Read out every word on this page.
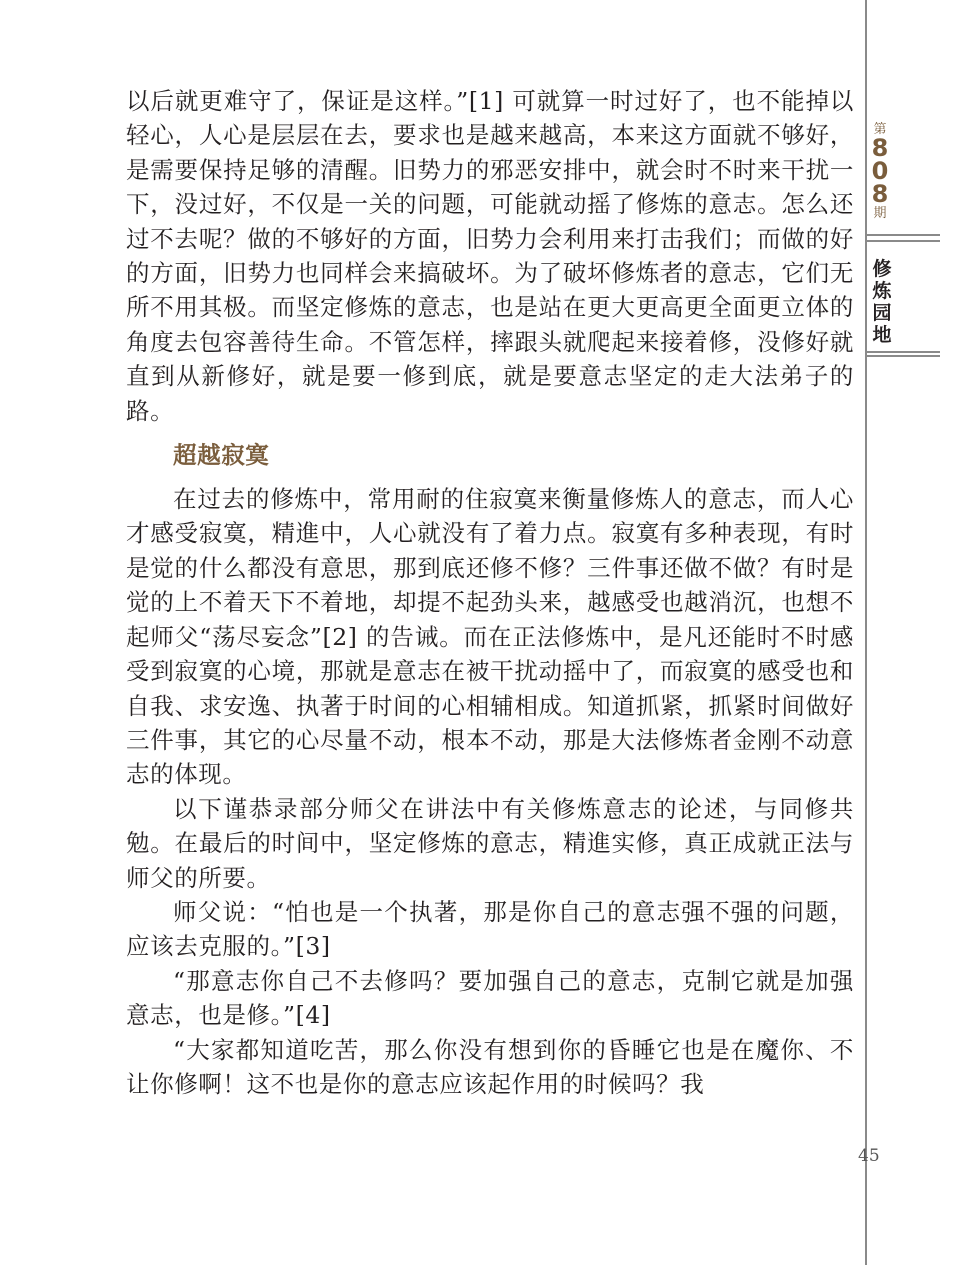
第
8
0
8
期
修
炼
园
地

以后就更难守了，保证是这样。”[1] 可就算一时过好了，也不能掉以轻心，人心是层层在去，要求也是越来越高，本来这方面就不够好，是需要保持足够的清醒。旧势力的邪恶安排中，就会时不时来干扰一下，没过好，不仅是一关的问题，可能就动摇了修炼的意志。怎么还过不去呢？做的不够好的方面，旧势力会利用来打击我们；而做的好的方面，旧势力也同样会来搞破坏。为了破坏修炼者的意志，它们无所不用其极。而坚定修炼的意志，也是站在更大更高更全面更立体的角度去包容善待生命。不管怎样，摔跟头就爬起来接着修，没修好就直到从新修好，就是要一修到底，就是要意志坚定的走大法弟子的路。

超越寂寞

在过去的修炼中，常用耐的住寂寞来衡量修炼人的意志，而人心才感受寂寞，精進中，人心就没有了着力点。寂寞有多种表现，有时是觉的什么都没有意思，那到底还修不修？三件事还做不做？有时是觉的上不着天下不着地，却提不起劲头来，越感受也越消沉，也想不起师父“荡尽妄念”[2] 的告诫。而在正法修炼中，是凡还能时不时感受到寂寞的心境，那就是意志在被干扰动摇中了，而寂寞的感受也和自我、求安逸、执著于时间的心相辅相成。知道抓紧，抓紧时间做好三件事，其它的心尽量不动，根本不动，那是大法修炼者金刚不动意志的体现。

以下谨恭录部分师父在讲法中有关修炼意志的论述，与同修共勉。在最后的时间中，坚定修炼的意志，精進实修，真正成就正法与师父的所要。

师父说：“怕也是一个执著，那是你自己的意志强不强的问题，应该去克服的。”[3]

“那意志你自己不去修吗？要加强自己的意志，克制它就是加强意志，也是修。”[4]

“大家都知道吃苦，那么你没有想到你的昏睡它也是在魔你、不让你修啊！这不也是你的意志应该起作用的时候吗？我

45
